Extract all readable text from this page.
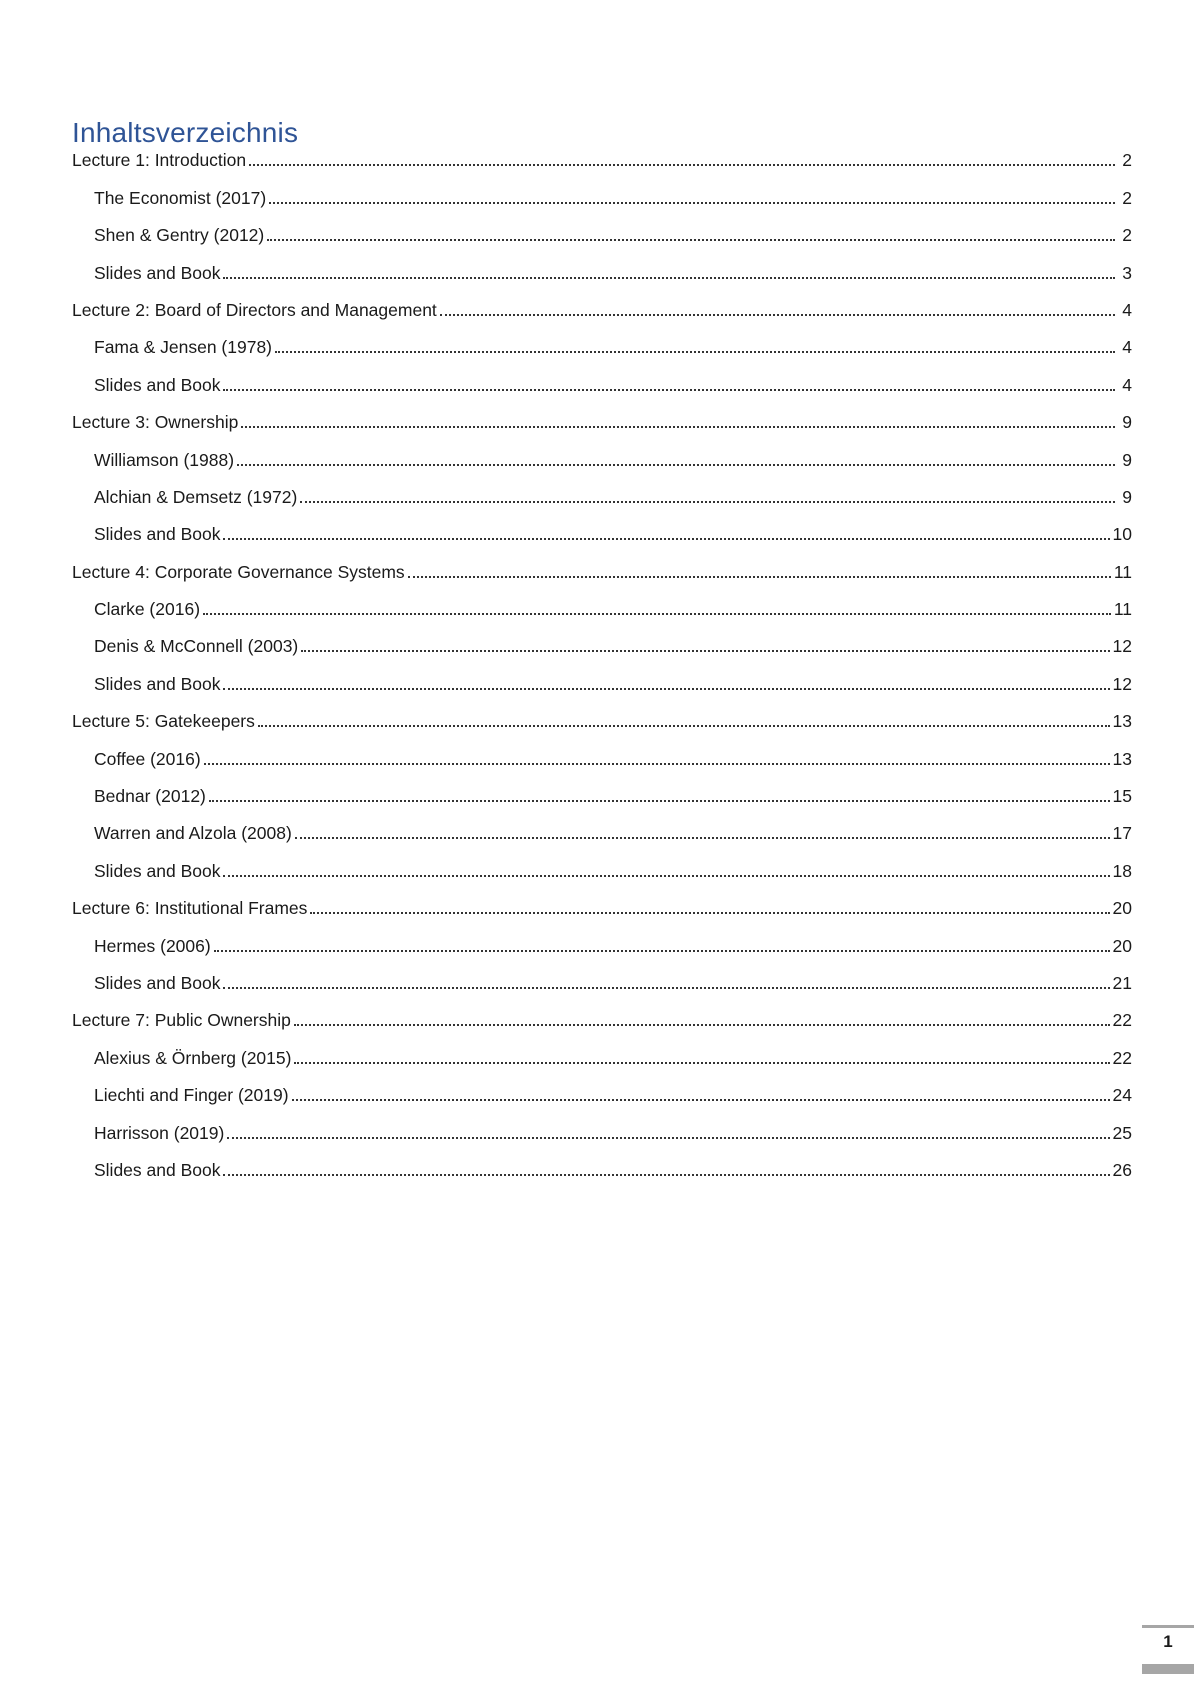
Inhaltsverzeichnis
Lecture 1: Introduction	2
The Economist (2017)	2
Shen & Gentry (2012)	2
Slides and Book	3
Lecture 2: Board of Directors and Management	4
Fama & Jensen (1978)	4
Slides and Book	4
Lecture 3: Ownership	9
Williamson (1988)	9
Alchian & Demsetz (1972)	9
Slides and Book	10
Lecture 4: Corporate Governance Systems	11
Clarke (2016)	11
Denis & McConnell (2003)	12
Slides and Book	12
Lecture 5: Gatekeepers	13
Coffee (2016)	13
Bednar (2012)	15
Warren and Alzola (2008)	17
Slides and Book	18
Lecture 6: Institutional Frames	20
Hermes (2006)	20
Slides and Book	21
Lecture 7: Public Ownership	22
Alexius & Örnberg (2015)	22
Liechti and Finger (2019)	24
Harrisson (2019)	25
Slides and Book	26
1
